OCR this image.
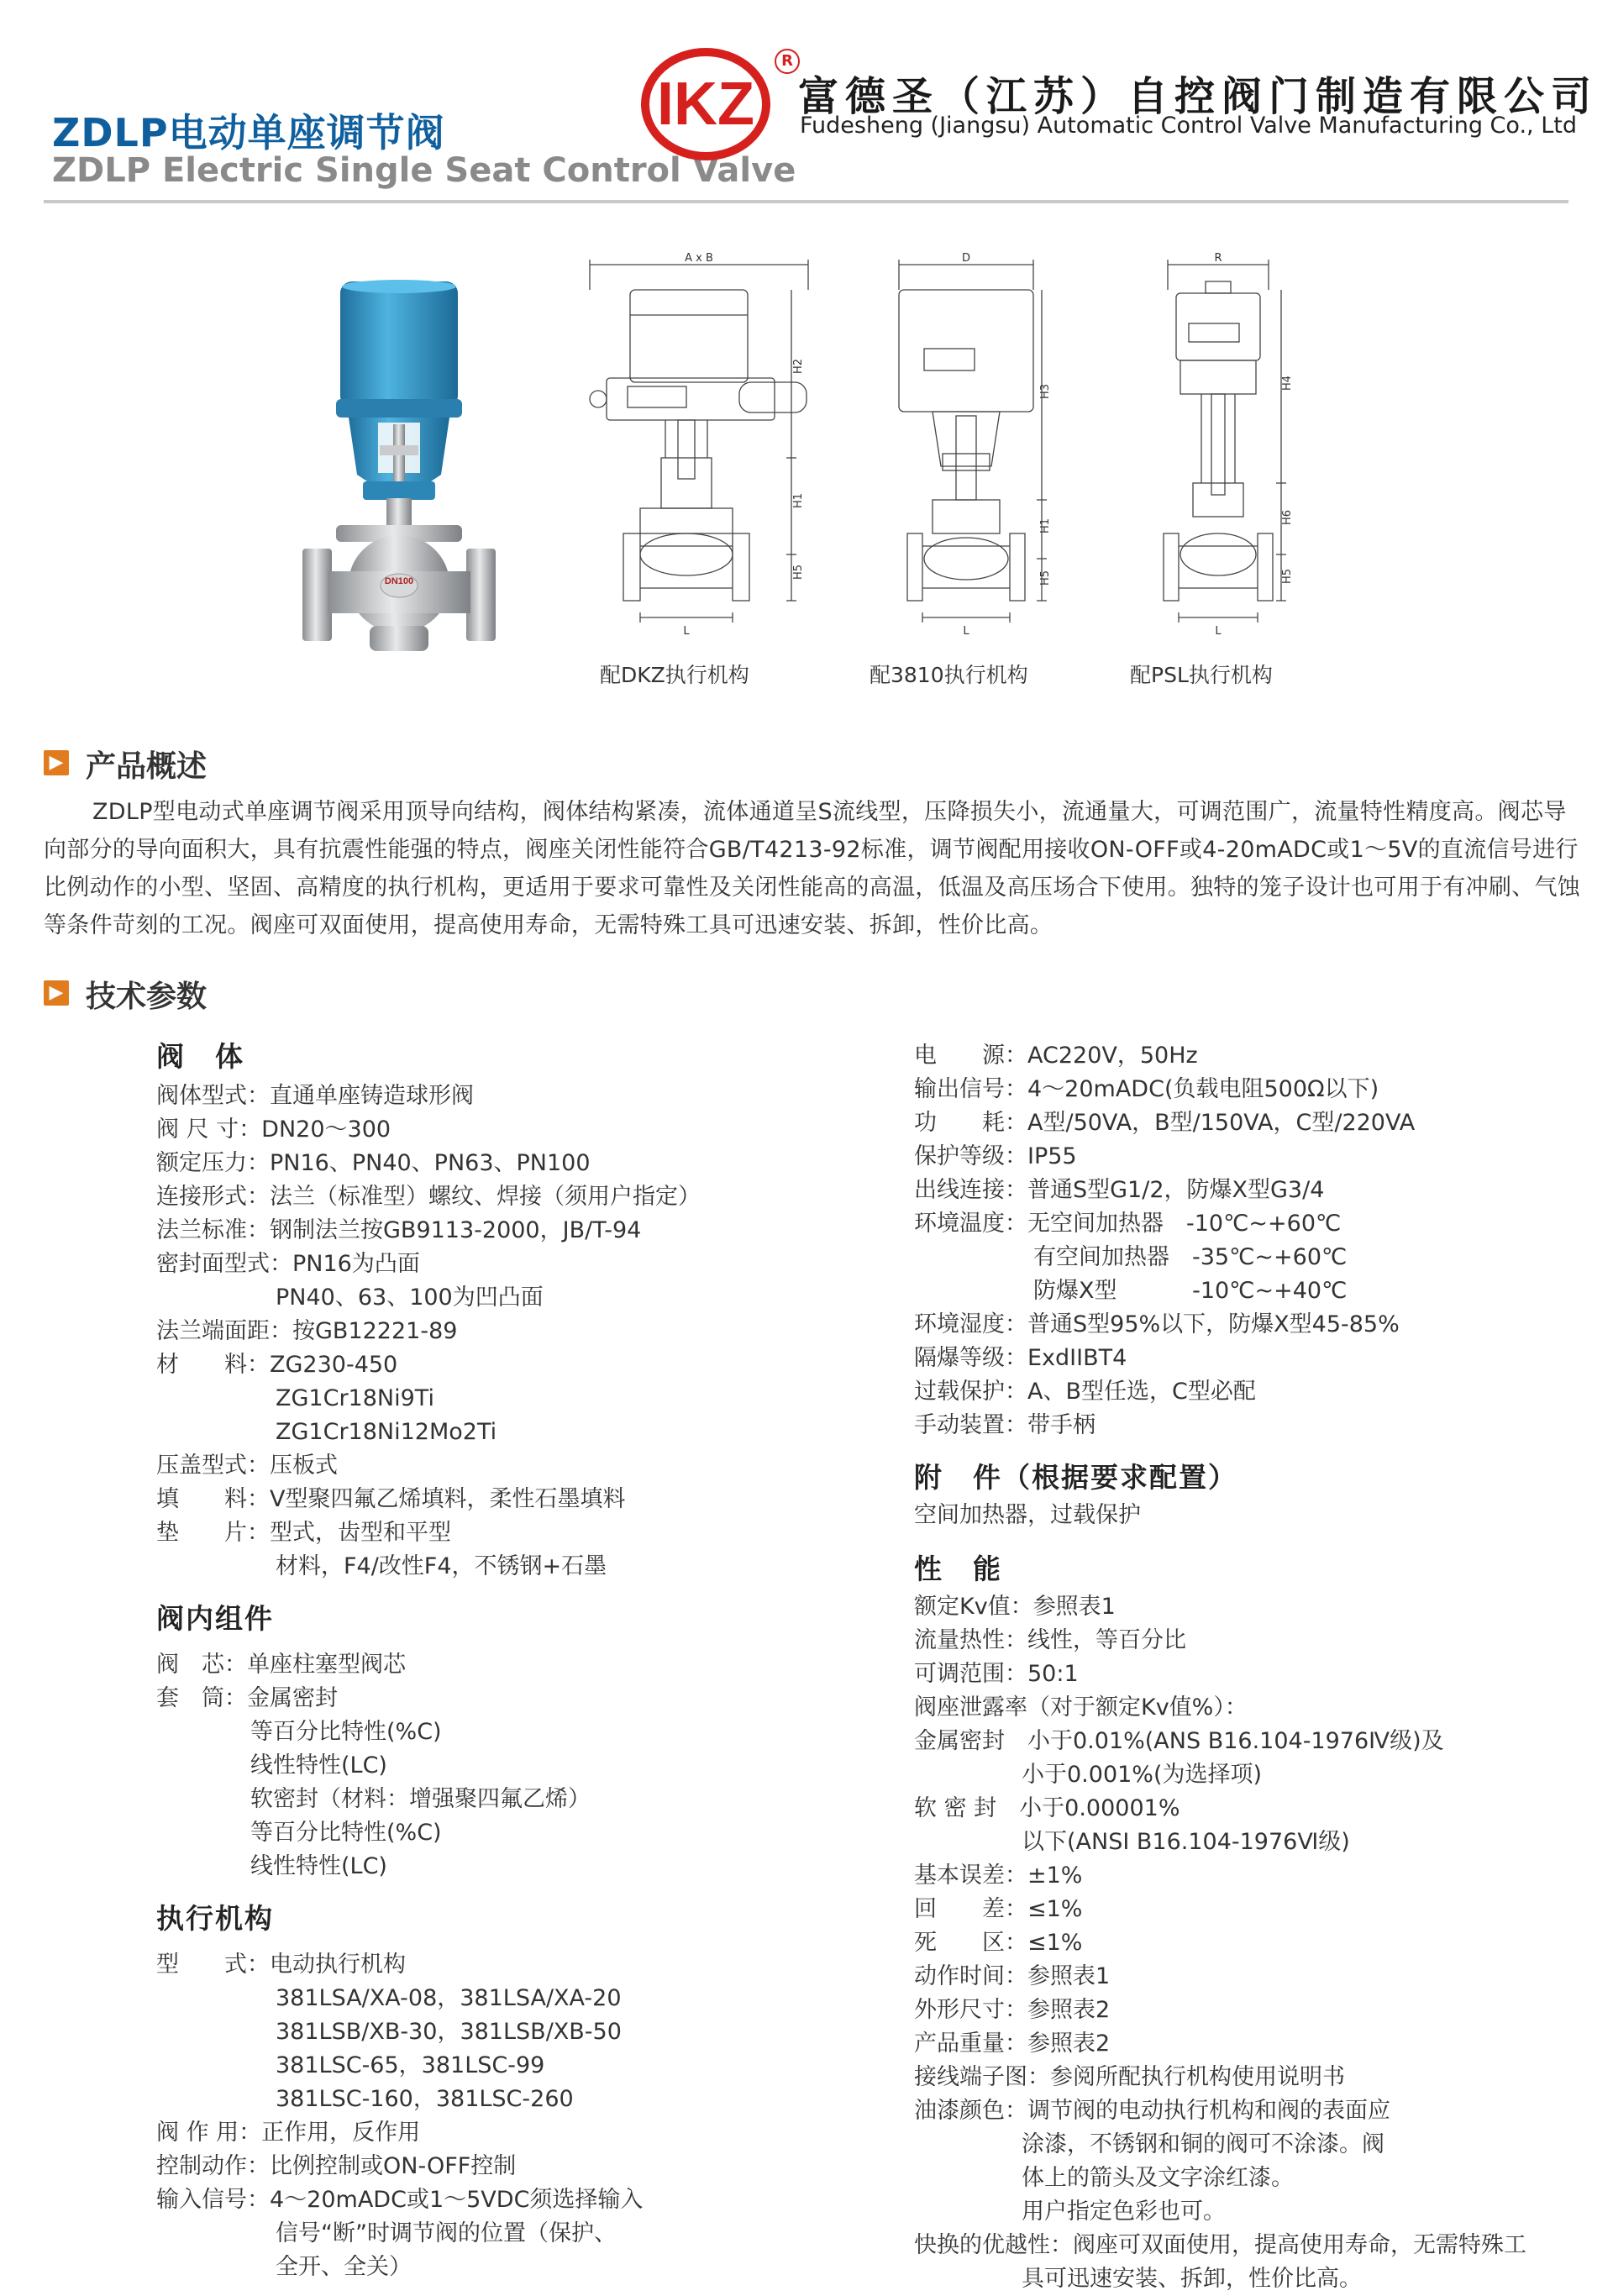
ZDLP电动单座调节阀
ZDLP Electric Single Seat Control Valve
IKZ
R
富德圣（江苏）自控阀门制造有限公司
Fudesheng (Jiangsu) Automatic Control Valve Manufacturing Co., Ltd
DN100
A x B
H2
H1
H5
L
D
H3
H1
H5
L
R
H4
H6
H5
L
配DKZ执行机构	配3810执行机构	配PSL执行机构
▶ 产品概述
ZDLP型电动式单座调节阀采用顶导向结构，阀体结构紧凑，流体通道呈S流线型，压降损失小，流通量大，可调范围广，流量特性精度高。阀芯导向部分的导向面积大，具有抗震性能强的特点，阀座关闭性能符合GB/T4213-92标准，调节阀配用接收ON-OFF或4-20mADC或1～5V的直流信号进行比例动作的小型、坚固、高精度的执行机构，更适用于要求可靠性及关闭性能高的高温，低温及高压场合下使用。独特的笼子设计也可用于有冲刷、气蚀等条件苛刻的工况。阀座可双面使用，提高使用寿命，无需特殊工具可迅速安装、拆卸，性价比高。
▶ 技术参数
阀　体
阀体型式： 直通单座铸造球形阀
阀 尺 寸： DN20～300
额定压力： PN16、PN40、PN63、PN100
连接形式： 法兰（标准型）螺纹、焊接（须用户指定）
法兰标准： 钢制法兰按GB9113-2000，JB/T-94
密封面型式： PN16为凸面
PN40、63、100为凹凸面
法兰端面距： 按GB12221-89
材　　料： ZG230-450
ZG1Cr18Ni9Ti
ZG1Cr18Ni12Mo2Ti
压盖型式： 压板式
填　　料： V型聚四氟乙烯填料，柔性石墨填料
垫　　片： 型式，齿型和平型
材料，F4/改性F4，不锈钢+石墨
阀内组件
阀　芯： 单座柱塞型阀芯
套　筒： 金属密封
等百分比特性(%C)
线性特性(LC)
软密封（材料：增强聚四氟乙烯）
等百分比特性(%C)
线性特性(LC)
执行机构
型　　式： 电动执行机构
381LSA/XA-08，381LSA/XA-20
381LSB/XB-30，381LSB/XB-50
381LSC-65，381LSC-99
381LSC-160，381LSC-260
阀 作 用： 正作用，反作用
控制动作： 比例控制或ON-OFF控制
输入信号： 4～20mADC或1～5VDC须选择输入
信号“断”时调节阀的位置（保护、
全开、全关）
电　　源： AC220V，50Hz
输出信号： 4～20mADC(负载电阻500Ω以下)
功　　耗： A型/50VA，B型/150VA，C型/220VA
保护等级： IP55
出线连接： 普通S型G1/2，防爆X型G3/4
环境温度： 无空间加热器　-10℃~+60℃
有空间加热器　-35℃~+60℃
防爆X型　　　 -10℃~+40℃
环境湿度： 普通S型95%以下，防爆X型45-85%
隔爆等级： ExdIIBT4
过载保护： A、B型任选，C型必配
手动装置： 带手柄
附　件（根据要求配置）
空间加热器，过载保护
性　能
额定Kv值： 参照表1
流量热性： 线性，等百分比
可调范围： 50:1
阀座泄露率（对于额定Kv值%）：
金属密封　 小于0.01%(ANS B16.104-1976Ⅳ级)及
小于0.001%(为选择项)
软 密 封　 小于0.00001%
以下(ANSI B16.104-1976Ⅵ级)
基本误差： ±1%
回　　差： ≤1%
死　　区： ≤1%
动作时间： 参照表1
外形尺寸： 参照表2
产品重量： 参照表2
接线端子图： 参阅所配执行机构使用说明书
油漆颜色： 调节阀的电动执行机构和阀的表面应
涂漆，不锈钢和铜的阀可不涂漆。阀
体上的箭头及文字涂红漆。
用户指定色彩也可。
快换的优越性： 阀座可双面使用，提高使用寿命，无需特殊工
具可迅速安装、拆卸，性价比高。
